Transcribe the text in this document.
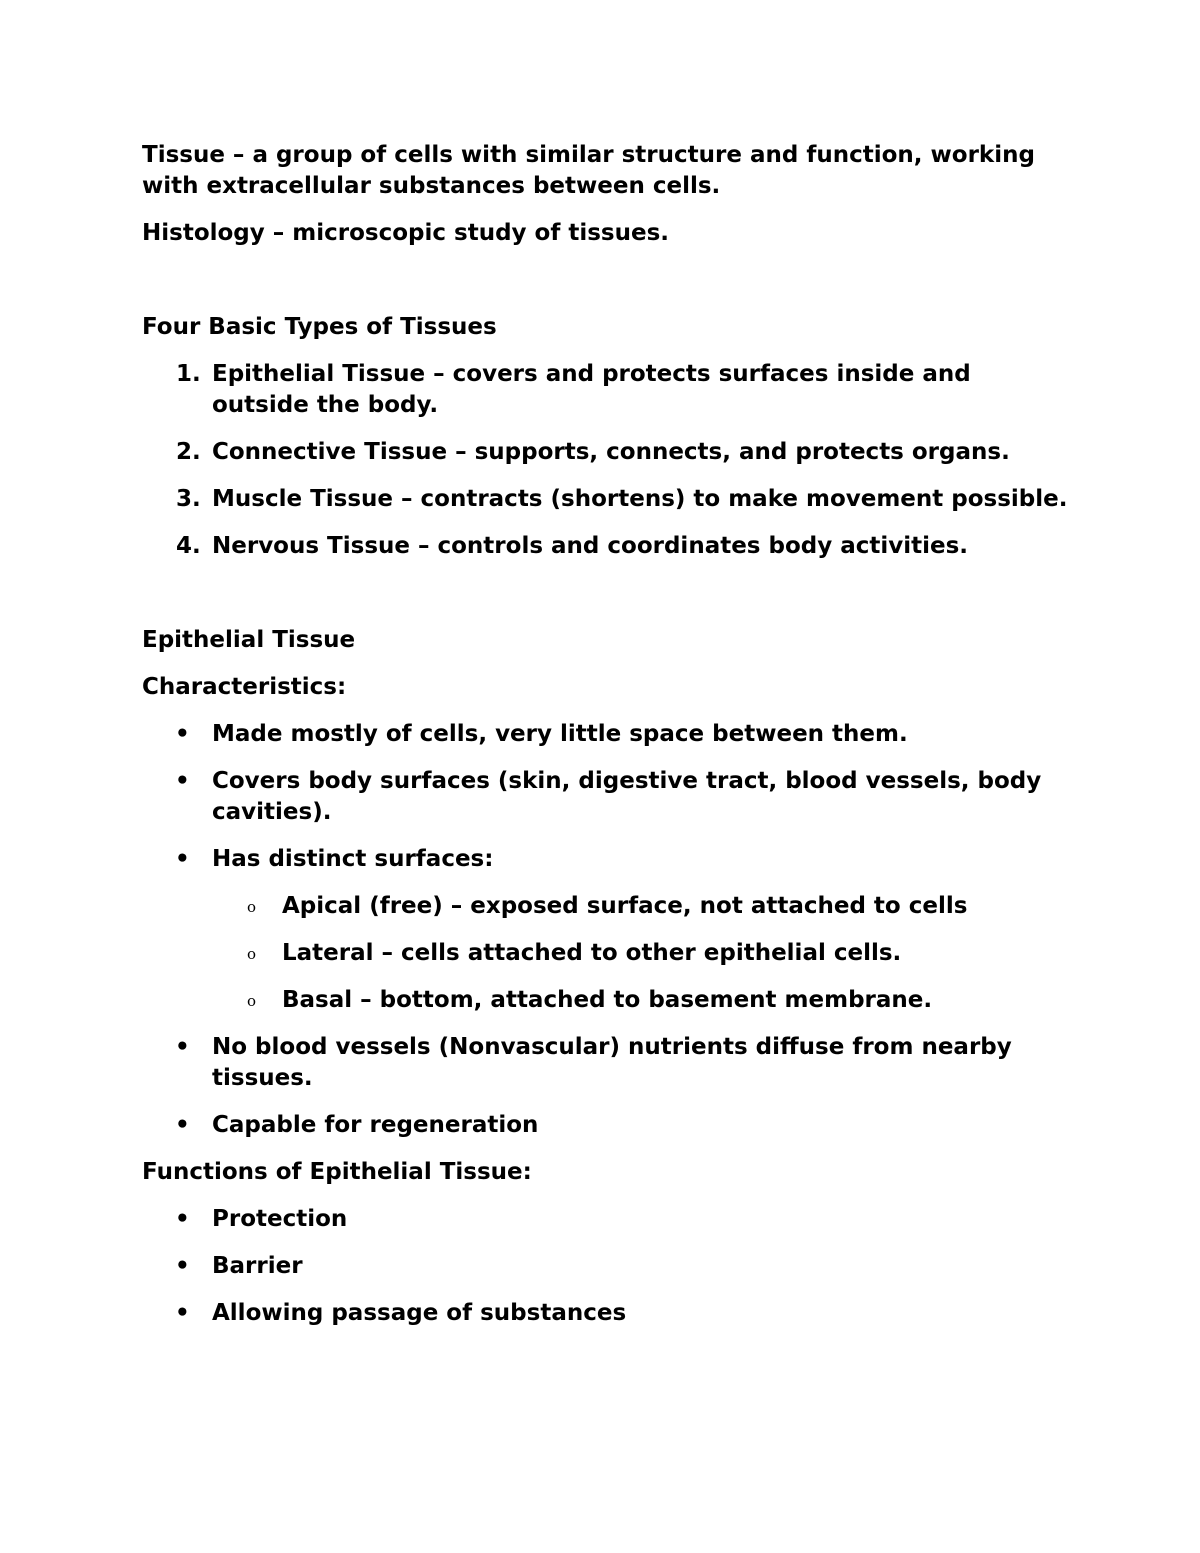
Tissue – a group of cells with similar structure and function, working with extracellular substances between cells.

Histology – microscopic study of tissues.

Four Basic Types of Tissues

1. Epithelial Tissue – covers and protects surfaces inside and outside the body.
2. Connective Tissue – supports, connects, and protects organs.
3. Muscle Tissue – contracts (shortens) to make movement possible.
4. Nervous Tissue – controls and coordinates body activities.

Epithelial Tissue

Characteristics:

• Made mostly of cells, very little space between them.
• Covers body surfaces (skin, digestive tract, blood vessels, body cavities).
• Has distinct surfaces:
o Apical (free) – exposed surface, not attached to cells
o Lateral – cells attached to other epithelial cells.
o Basal – bottom, attached to basement membrane.
• No blood vessels (Nonvascular) nutrients diffuse from nearby tissues.
• Capable for regeneration

Functions of Epithelial Tissue:

• Protection
• Barrier
• Allowing passage of substances
